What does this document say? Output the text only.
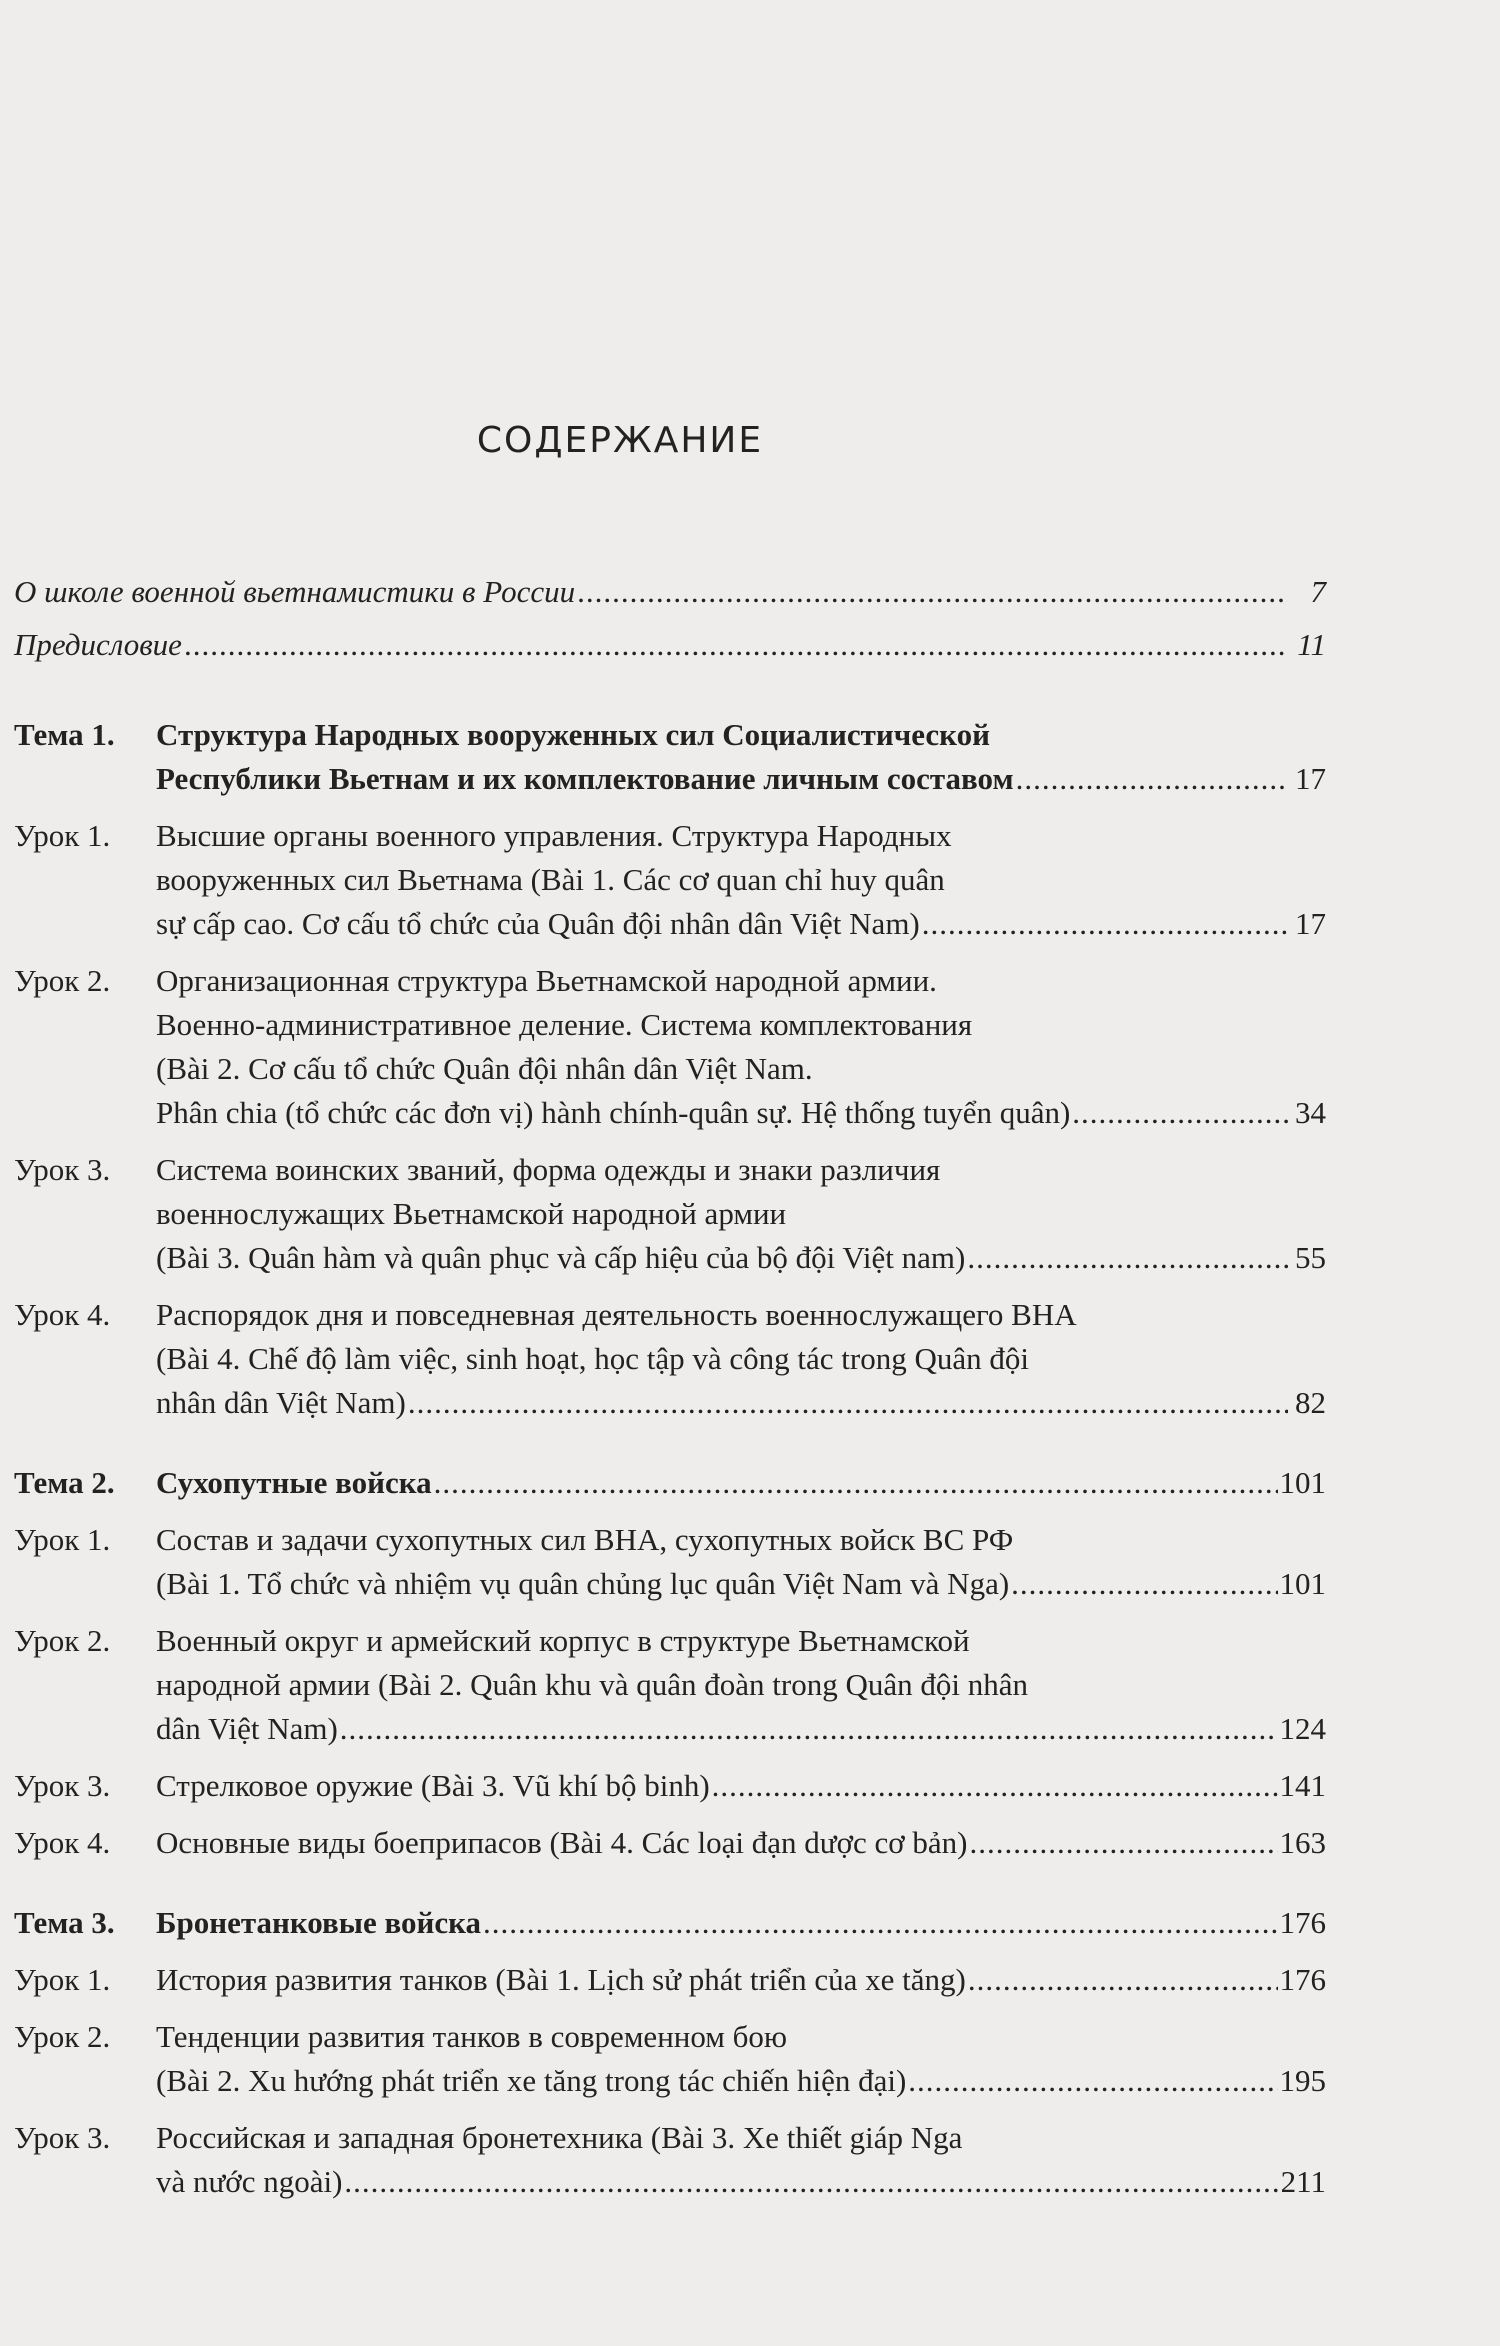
СОДЕРЖАНИЕ
О школе военной вьетнамистики в России .....	7
Предисловие .....	11
Тема 1.	Структура Народных вооруженных сил Социалистической
Республики Вьетнам и их комплектование личным составом .....	17
Урок 1.	Высшие органы военного управления. Структура Народных
вооруженных сил Вьетнама (Bài 1. Các cơ quan chỉ huy quân
sự cấp cao. Cơ cấu tổ chức của Quân đội nhân dân Việt Nam) .....	17
Урок 2.	Организационная структура Вьетнамской народной армии.
Военно-административное деление. Система комплектования
(Bài 2. Cơ cấu tổ chức Quân đội nhân dân Việt Nam.
Phân chia (tổ chức các đơn vị) hành chính-quân sự. Hệ thống tuyển quân) .....	34
Урок 3.	Система воинских званий, форма одежды и знаки различия
военнослужащих Вьетнамской народной армии
(Bài 3. Quân hàm và quân phục và cấp hiệu của bộ đội Việt nam) .....	55
Урок 4.	Распорядок дня и повседневная деятельность военнослужащего ВНА
(Bài 4. Chế độ làm việc, sinh hoạt, học tập và công tác trong Quân đội
nhân dân Việt Nam) .....	82
Тема 2.	Сухопутные войска .....	101
Урок 1.	Состав и задачи сухопутных сил ВНА, сухопутных войск ВС РФ
(Bài 1. Tổ chức và nhiệm vụ quân chủng lục quân Việt Nam và Nga) .....	101
Урок 2.	Военный округ и армейский корпус в структуре Вьетнамской
народной армии (Bài 2. Quân khu và quân đoàn trong Quân đội nhân
dân Việt Nam) .....	124
Урок 3.	Стрелковое оружие (Bài 3. Vũ khí bộ binh) .....	141
Урок 4.	Основные виды боеприпасов (Bài 4. Các loại đạn dược cơ bản) .....	163
Тема 3.	Бронетанковые войска .....	176
Урок 1.	История развития танков (Bài 1. Lịch sử phát triển của xe tăng) .....	176
Урок 2.	Тенденции развития танков в современном бою
(Bài 2. Xu hướng phát triển xe tăng trong tác chiến hiện đại) .....	195
Урок 3.	Российская и западная бронетехника (Bài 3. Xe thiết giáp Nga
và nước ngoài) .....	211
